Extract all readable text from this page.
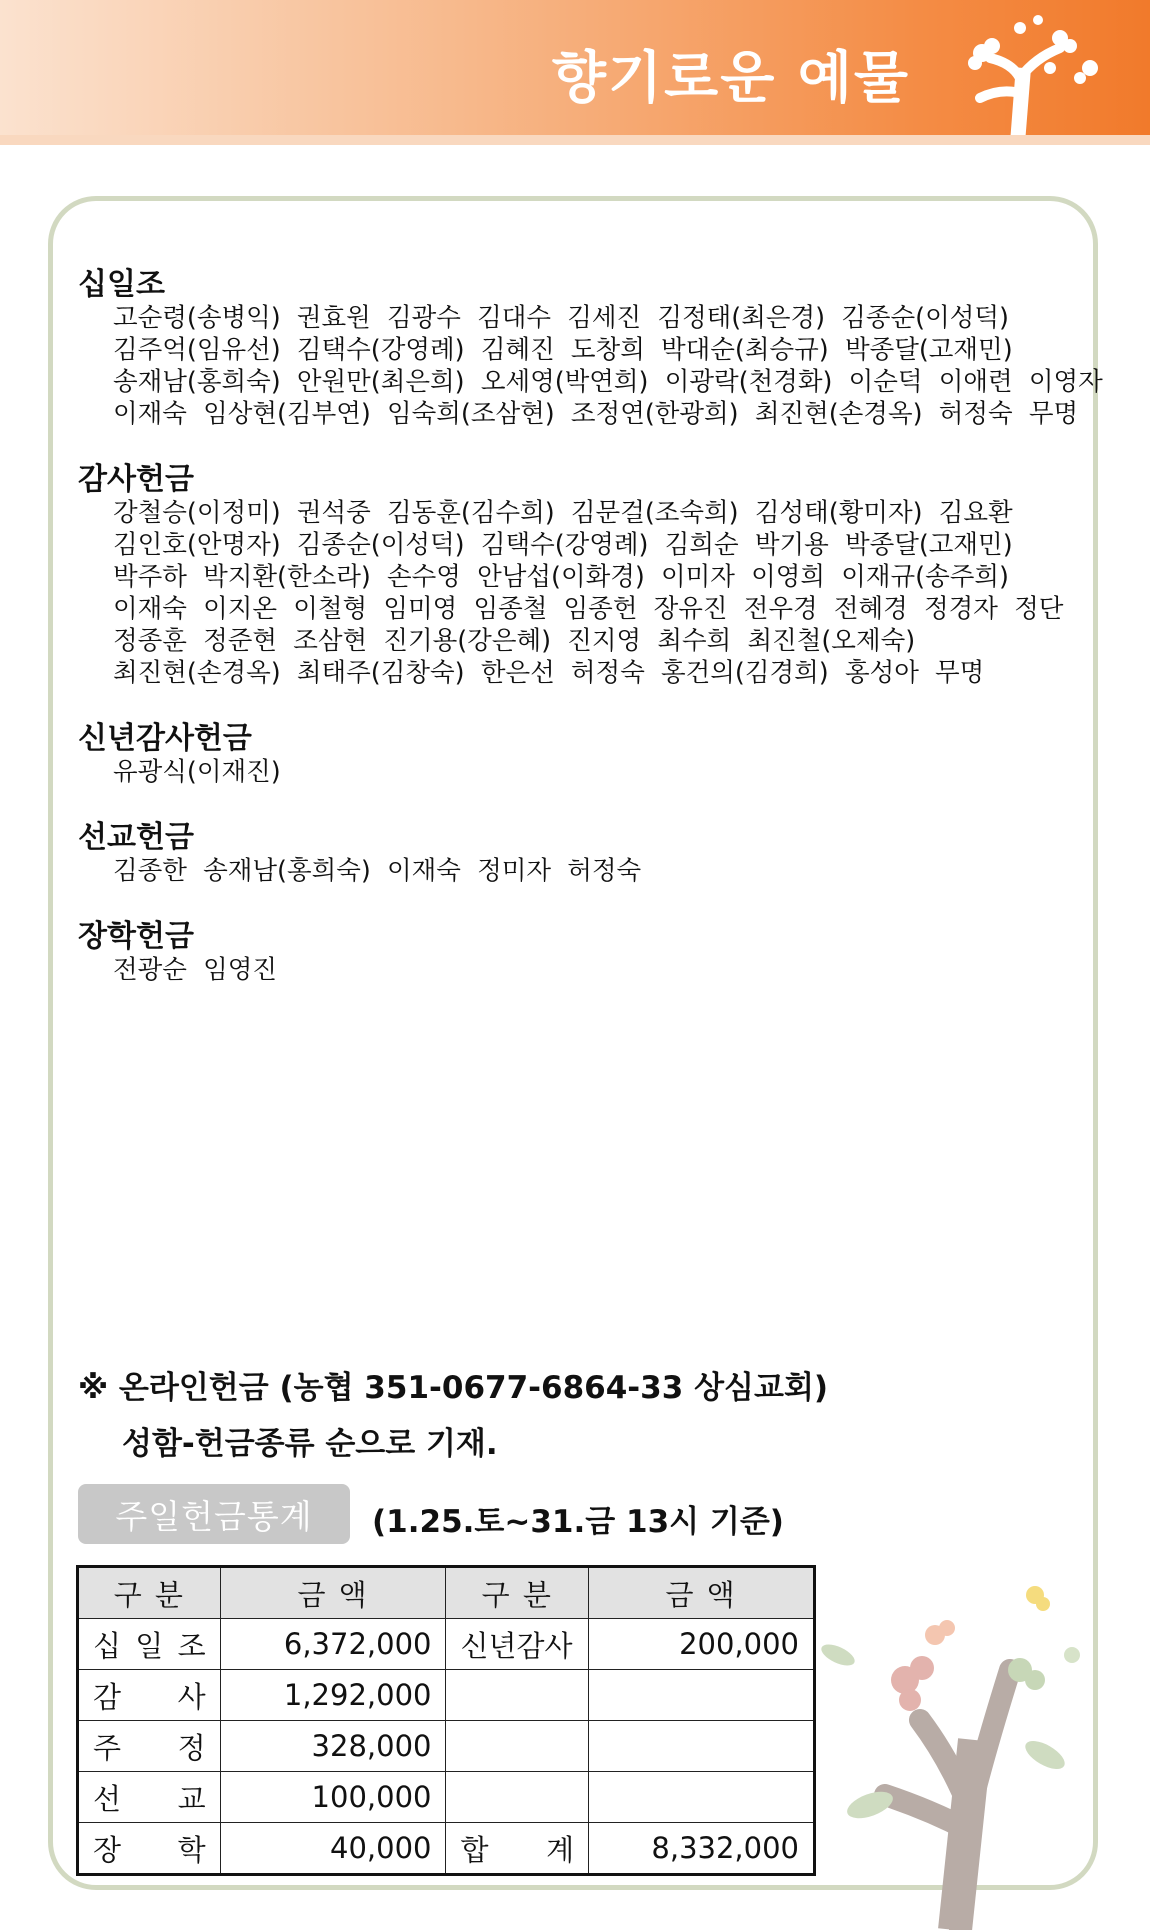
향기로운 예물

십일조

고순령(송병익)  권효원  김광수  김대수  김세진  김정태(최은경)  김종순(이성덕)

김주억(임유선)  김택수(강영례)  김혜진  도창희  박대순(최승규)  박종달(고재민)

송재남(홍희숙)  안원만(최은희)  오세영(박연희)  이광락(천경화)  이순덕  이애련  이영자

이재숙  임상현(김부연)  임숙희(조삼현)  조정연(한광희)  최진현(손경옥)  허정숙  무명

감사헌금

강철승(이정미)  권석중  김동훈(김수희)  김문걸(조숙희)  김성태(황미자)  김요환

김인호(안명자)  김종순(이성덕)  김택수(강영례)  김희순  박기용  박종달(고재민)

박주하  박지환(한소라)  손수영  안남섭(이화경)  이미자  이영희  이재규(송주희)

이재숙  이지온  이철형  임미영  임종철  임종헌  장유진  전우경  전혜경  정경자  정단

정종훈  정준현  조삼현  진기용(강은혜)  진지영  최수희  최진철(오제숙)

최진현(손경옥)  최태주(김창숙)  한은선  허정숙  홍건의(김경희)  홍성아  무명

신년감사헌금

유광식(이재진)

선교헌금

김종한  송재남(홍희숙)  이재숙  정미자  허정숙

장학헌금

전광순  임영진

※ 온라인헌금 (농협 351-0677-6864-33 상심교회)
성함-헌금종류 순으로 기재.
주일헌금통계	(1.25.토~31.금 13시 기준)
구 분	금 액	구 분	금 액
십 일 조	6,372,000	신년감사	200,000
감 사	1,292,000		
주 정	328,000		
선 교	100,000		
장 학	40,000	합 계	8,332,000
